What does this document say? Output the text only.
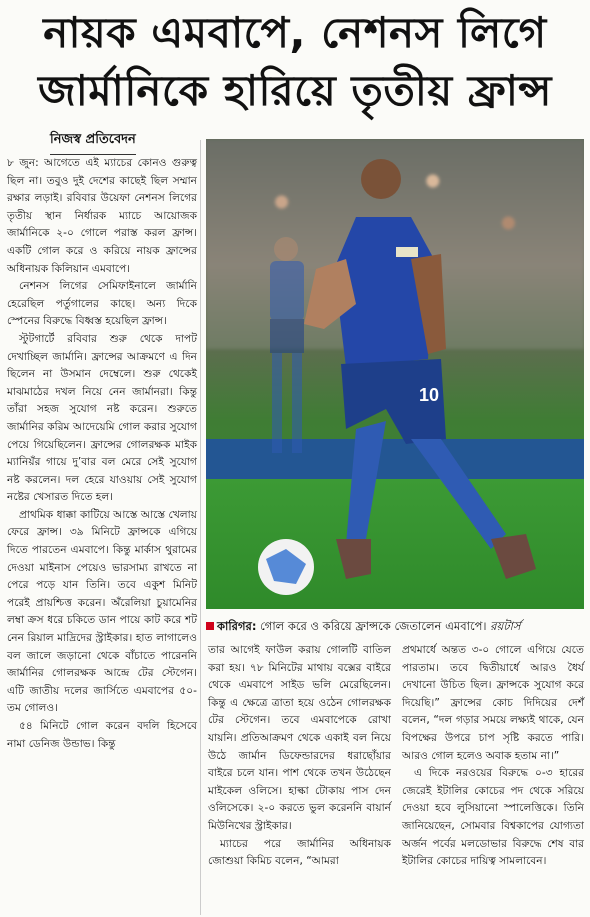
নায়ক এমবাপে, নেশনস লিগে
জার্মানিকে হারিয়ে তৃতীয় ফ্রান্স
নিজস্ব প্রতিবেদন

৮ জুন: আগেতে এই ম্যাচের কোনও গুরুত্ব ছিল না। তবুও দুই দেশের কাছেই ছিল সম্মান রক্ষার লড়াই। রবিবার উয়েফা নেশনস লিগের তৃতীয় স্থান নির্ধারক ম্যাচে আয়োজক জার্মানিকে ২-০ গোলে পরাস্ত করল ফ্রান্স। একটি গোল করে ও করিয়ে নায়ক ফ্রান্সের অধিনায়ক কিলিয়ান এমবাপে।

নেশনস লিগের সেমিফাইনালে জার্মানি হেরেছিল পর্তুগালের কাছে। অন্য দিকে স্পেনের বিরুদ্ধে বিধ্বস্ত হয়েছিল ফ্রান্স।

স্টুটগার্টে রবিবার শুরু থেকে দাপট দেখাচ্ছিল জার্মানি। ফ্রান্সের আক্রমণে এ দিন ছিলেন না উসমান দেম্বেলে। শুরু থেকেই মাঝমাঠের দখল নিয়ে নেন জার্মানরা। কিন্তু তাঁরা সহজ সুযোগ নষ্ট করেন। শুরুতে জার্মানির করিম আদেয়েমি গোল করার সুযোগ পেয়ে গিয়েছিলেন। ফ্রান্সের গোলরক্ষক মাইক ম্যানিয়ঁর গায়ে দু’বার বল মেরে সেই সুযোগ নষ্ট করলেন। দল হেরে যাওয়ায় সেই সুযোগ নষ্টের খেসারত দিতে হল।

প্রাথমিক ধাক্কা কাটিয়ে আস্তে আস্তে খেলায় ফেরে ফ্রান্স। ৩৯ মিনিটে ফ্রান্সকে এগিয়ে দিতে পারতেন এমবাপে। কিন্তু মার্কাস থুরামের দেওয়া মাইনাস পেয়েও ভারসাম্য রাখতে না পেরে পড়ে যান তিনি। তবে একুশ মিনিট পরেই প্রায়শ্চিত্ত করেন। অঁরেলিয়া চুয়ামেনির লম্বা ক্রস ধরে চকিতে ডান পায়ে কাট করে শট নেন রিয়াল মাদ্রিদের স্ট্রাইকার। হাত লাগালেও বল জালে জড়ানো থেকে বাঁচাতে পারেননি জার্মানির গোলরক্ষক আন্দ্রে টের স্টেগেন। এটি জাতীয় দলের জার্সিতে এমবাপের ৫০-তম গোলও।

৫৪ মিনিটে গোল করেন বদলি হিসেবে নামা ডেনিজ উন্ডাভ। কিন্তু

10
কারিগর: গোল করে ও করিয়ে ফ্রান্সকে জেতালেন এমবাপে। রয়টার্স

তার আগেই ফাউল করায় গোলটি বাতিল করা হয়। ৭৮ মিনিটের মাথায় বক্সের বাইরে থেকে এমবাপে সাইড ভলি মেরেছিলেন। কিন্তু এ ক্ষেত্রে ত্রাতা হয়ে ওঠেন গোলরক্ষক টের স্টেগেন। তবে এমবাপেকে রোখা যায়নি। প্রতিআক্রমণ থেকে একাই বল নিয়ে উঠে জার্মান ডিফেন্ডারদের ধরাছোঁয়ার বাইরে চলে যান। পাশ থেকে তখন উঠেছেন মাইকেল ওলিসে। হাল্কা টোকায় পাস দেন ওলিসেকে। ২-০ করতে ভুল করেননি বায়ার্ন মিউনিখের স্ট্রাইকার।

ম্যাচের পরে জার্মানির অধিনায়ক জোশুয়া কিমিচ বলেন, “আমরা

প্রথমার্ধে অন্তত ৩-০ গোলে এগিয়ে যেতে পারতাম। তবে দ্বিতীয়ার্ধে আরও ধৈর্য দেখানো উচিত ছিল। ফ্রান্সকে সুযোগ করে দিয়েছি।” ফ্রান্সের কোচ দিদিয়ের দেশঁ বলেন, “দল গড়ার সময়ে লক্ষ্যই থাকে, যেন বিপক্ষের উপরে চাপ সৃষ্টি করতে পারি। আরও গোল হলেও অবাক হতাম না।”

এ দিকে নরওয়ের বিরুদ্ধে ০-৩ হারের জেরেই ইটালির কোচের পদ থেকে সরিয়ে দেওয়া হবে লুসিয়ানো স্পালেত্তিকে। তিনি জানিয়েছেন, সোমবার বিশ্বকাপের যোগ্যতা অর্জন পর্বের মলডোভার বিরুদ্ধে শেষ বার ইটালির কোচের দায়িত্ব সামলাবেন।
